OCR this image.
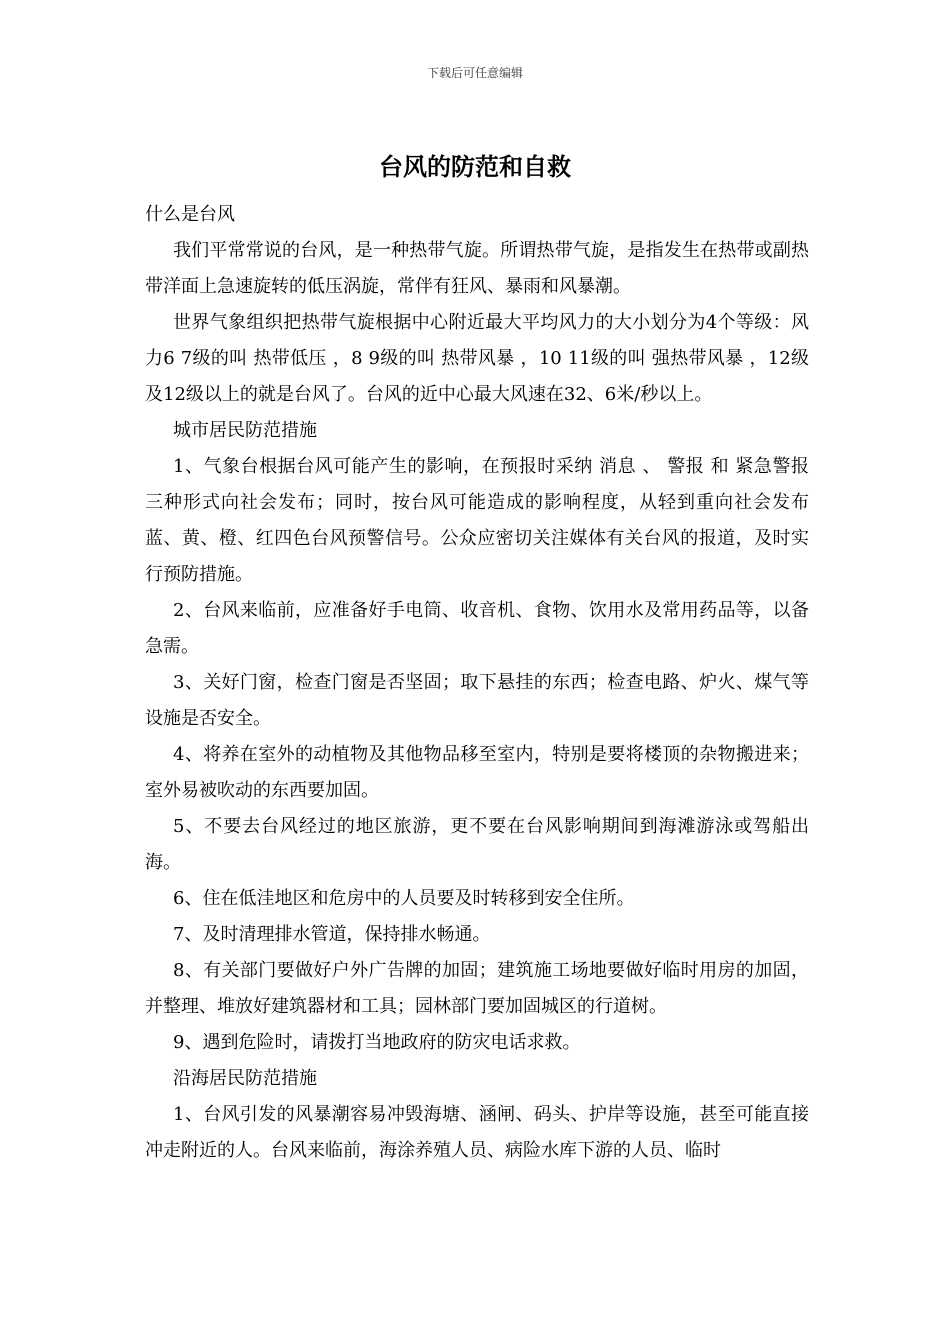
下载后可任意编辑
台风的防范和自救

什么是台风

我们平常常说的台风，是一种热带气旋。所谓热带气旋，是指发生在热带或副热带洋面上急速旋转的低压涡旋，常伴有狂风、暴雨和风暴潮。

世界气象组织把热带气旋根据中心附近最大平均风力的大小划分为4个等级：风力6 7级的叫 热带低压 ，8 9级的叫 热带风暴 ，10 11级的叫 强热带风暴 ，12级及12级以上的就是台风了。台风的近中心最大风速在32、6米/秒以上。

城市居民防范措施

1、气象台根据台风可能产生的影响，在预报时采纳 消息 、 警报 和 紧急警报 三种形式向社会发布；同时，按台风可能造成的影响程度，从轻到重向社会发布蓝、黄、橙、红四色台风预警信号。公众应密切关注媒体有关台风的报道，及时实行预防措施。

2、台风来临前，应准备好手电筒、收音机、食物、饮用水及常用药品等，以备急需。

3、关好门窗，检查门窗是否坚固；取下悬挂的东西；检查电路、炉火、煤气等设施是否安全。

4、将养在室外的动植物及其他物品移至室内，特别是要将楼顶的杂物搬进来；室外易被吹动的东西要加固。

5、不要去台风经过的地区旅游，更不要在台风影响期间到海滩游泳或驾船出海。

6、住在低洼地区和危房中的人员要及时转移到安全住所。

7、及时清理排水管道，保持排水畅通。

8、有关部门要做好户外广告牌的加固；建筑施工场地要做好临时用房的加固，并整理、堆放好建筑器材和工具；园林部门要加固城区的行道树。

9、遇到危险时，请拨打当地政府的防灾电话求救。

沿海居民防范措施

1、台风引发的风暴潮容易冲毁海塘、涵闸、码头、护岸等设施，甚至可能直接冲走附近的人。台风来临前，海涂养殖人员、病险水库下游的人员、临时
